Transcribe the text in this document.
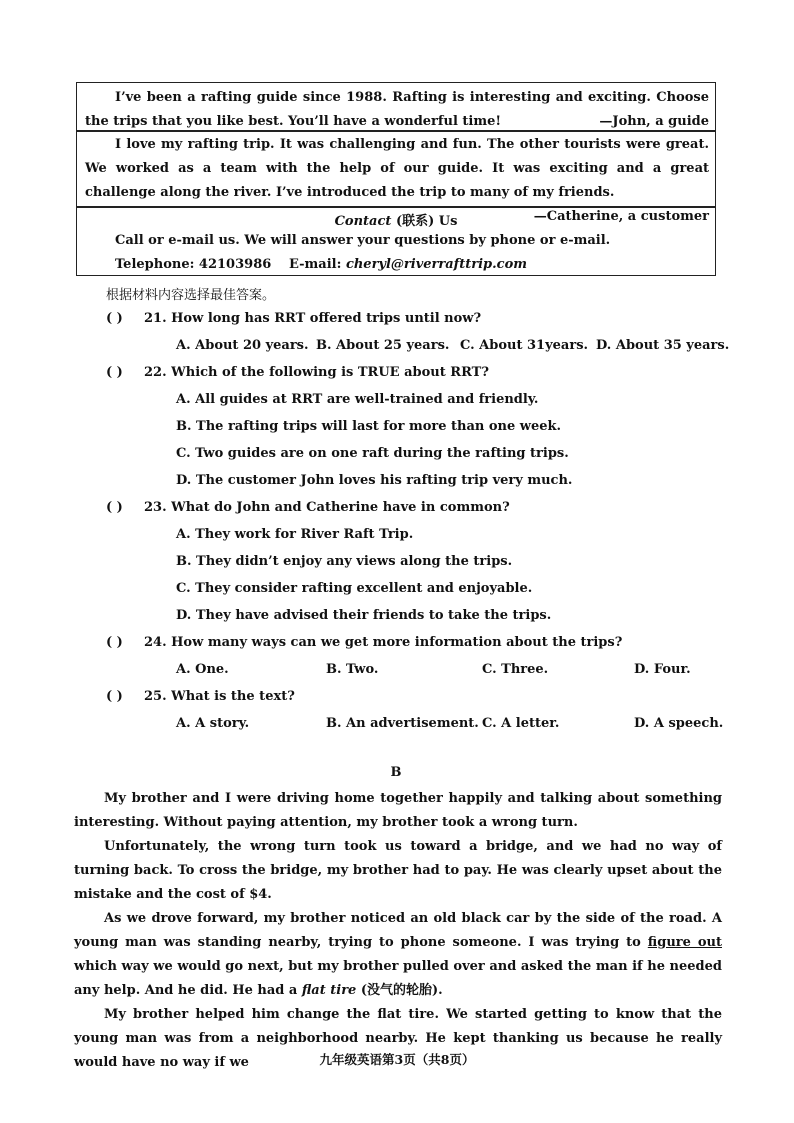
I’ve been a rafting guide since 1988. Rafting is interesting and exciting. Choose the trips that you like best. You’ll have a wonderful time!	—John, a guide
I love my rafting trip. It was challenging and fun. The other tourists were great. We worked as a team with the help of our guide. It was exciting and a great challenge along the river. I’ve introduced the trip to many of my friends.
—Catherine, a customer
Contact (联系) Us
Call or e-mail us. We will answer your questions by phone or e-mail.
Telephone: 42103986 E-mail: cheryl@riverrafttrip.com
根据材料内容选择最佳答案。
( ) 21. How long has RRT offered trips until now?
A. About 20 years. B. About 25 years. C. About 31years. D. About 35 years.
( ) 22. Which of the following is TRUE about RRT?
A. All guides at RRT are well-trained and friendly.
B. The rafting trips will last for more than one week.
C. Two guides are on one raft during the rafting trips.
D. The customer John loves his rafting trip very much.
( ) 23. What do John and Catherine have in common?
A. They work for River Raft Trip.
B. They didn’t enjoy any views along the trips.
C. They consider rafting excellent and enjoyable.
D. They have advised their friends to take the trips.
( ) 24. How many ways can we get more information about the trips?
A. One.	B. Two.	C. Three.	D. Four.
( ) 25. What is the text?
A. A story.	B. An advertisement. C. A letter.	D. A speech.
B
My brother and I were driving home together happily and talking about something interesting. Without paying attention, my brother took a wrong turn.
Unfortunately, the wrong turn took us toward a bridge, and we had no way of turning back. To cross the bridge, my brother had to pay. He was clearly upset about the mistake and the cost of $4.
As we drove forward, my brother noticed an old black car by the side of the road. A young man was standing nearby, trying to phone someone. I was trying to figure out which way we would go next, but my brother pulled over and asked the man if he needed any help. And he did. He had a flat tire (没气的轮胎).
My brother helped him change the flat tire. We started getting to know that the young man was from a neighborhood nearby. He kept thanking us because he really would have no way if we	九年级英语第3页（共8页）
